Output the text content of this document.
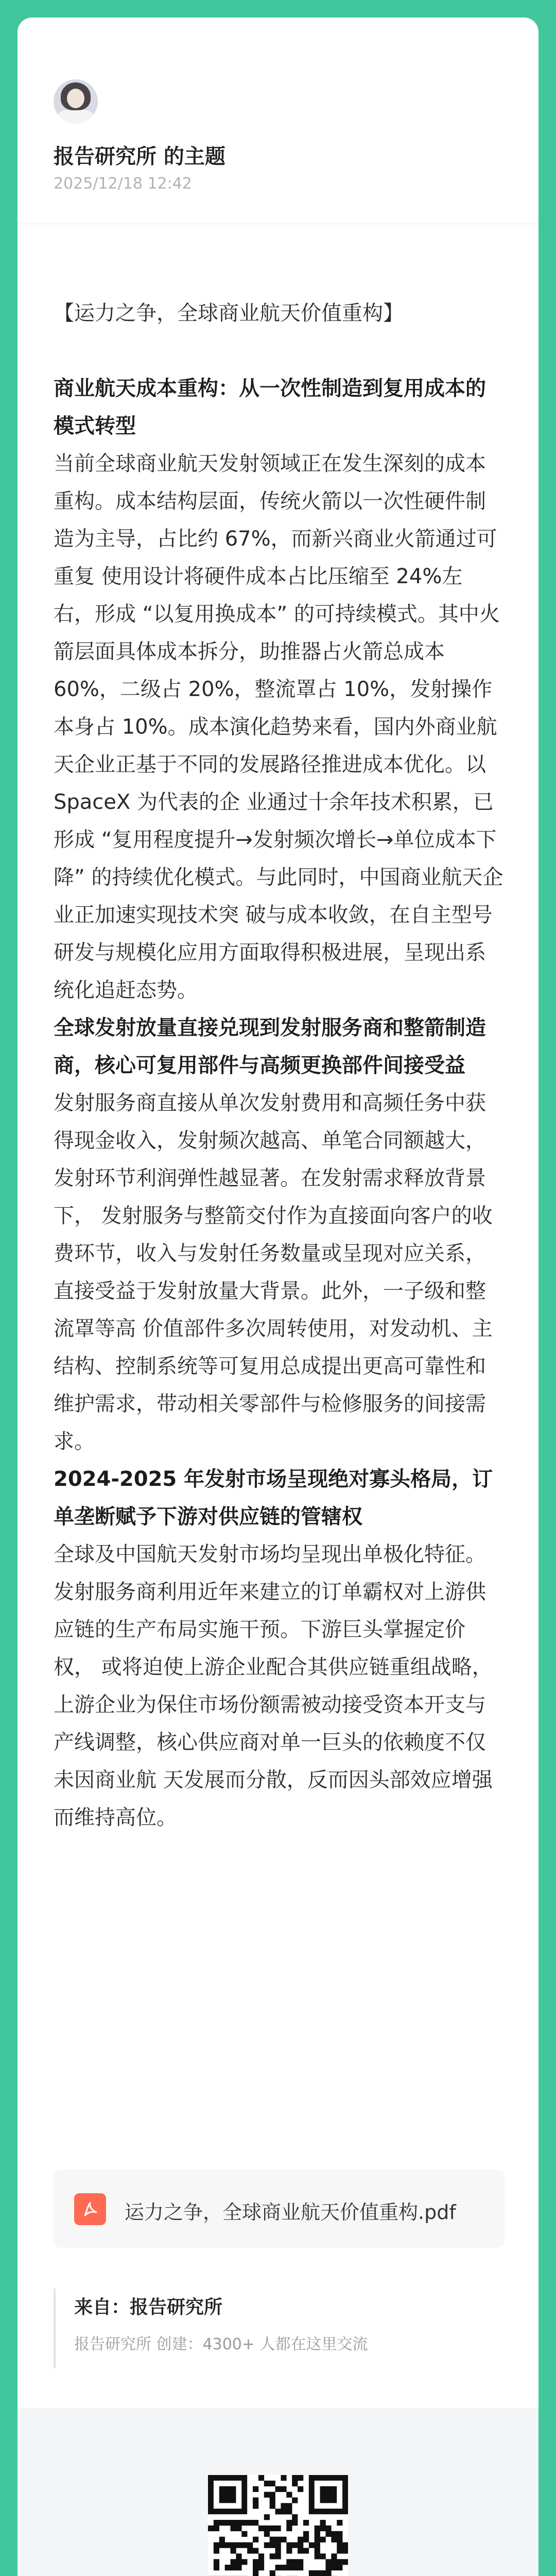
报告研究所 的主题
2025/12/18 12:42

【运力之争，全球商业航天价值重构】

商业航天成本重构：从一次性制造到复用成本的模式转型

当前全球商业航天发射领域正在发生深刻的成本重构。成本结构层面，传统火箭以一次性硬件制造为主导，占比约 67%，而新兴商业火箭通过可重复 使用设计将硬件成本占比压缩至 24%左右，形成 “以复用换成本” 的可持续模式。其中火箭层面具体成本拆分，助推器占火箭总成本 60%，二级占 20%，整流罩占 10%，发射操作本身占 10%。成本演化趋势来看，国内外商业航天企业正基于不同的发展路径推进成本优化。以 SpaceX 为代表的企 业通过十余年技术积累，已形成 “复用程度提升→发射频次增长→单位成本下降” 的持续优化模式。与此同时，中国商业航天企业正加速实现技术突 破与成本收敛，在自主型号研发与规模化应用方面取得积极进展，呈现出系统化追赶态势。

全球发射放量直接兑现到发射服务商和整箭制造商，核心可复用部件与高频更换部件间接受益

发射服务商直接从单次发射费用和高频任务中获得现金收入，发射频次越高、单笔合同额越大，发射环节利润弹性越显著。在发射需求释放背景下， 发射服务与整箭交付作为直接面向客户的收费环节，收入与发射任务数量或呈现对应关系，直接受益于发射放量大背景。此外，一子级和整流罩等高 价值部件多次周转使用，对发动机、主结构、控制系统等可复用总成提出更高可靠性和维护需求，带动相关零部件与检修服务的间接需求。

2024-2025 年发射市场呈现绝对寡头格局，订单垄断赋予下游对供应链的管辖权

全球及中国航天发射市场均呈现出单极化特征。发射服务商利用近年来建立的订单霸权对上游供应链的生产布局实施干预。下游巨头掌握定价权， 或将迫使上游企业配合其供应链重组战略，上游企业为保住市场份额需被动接受资本开支与产线调整，核心供应商对单一巨头的依赖度不仅未因商业航 天发展而分散，反而因头部效应增强而维持高位。

运力之争，全球商业航天价值重构.pdf
来自：报告研究所
报告研究所 创建：4300+ 人都在这里交流
